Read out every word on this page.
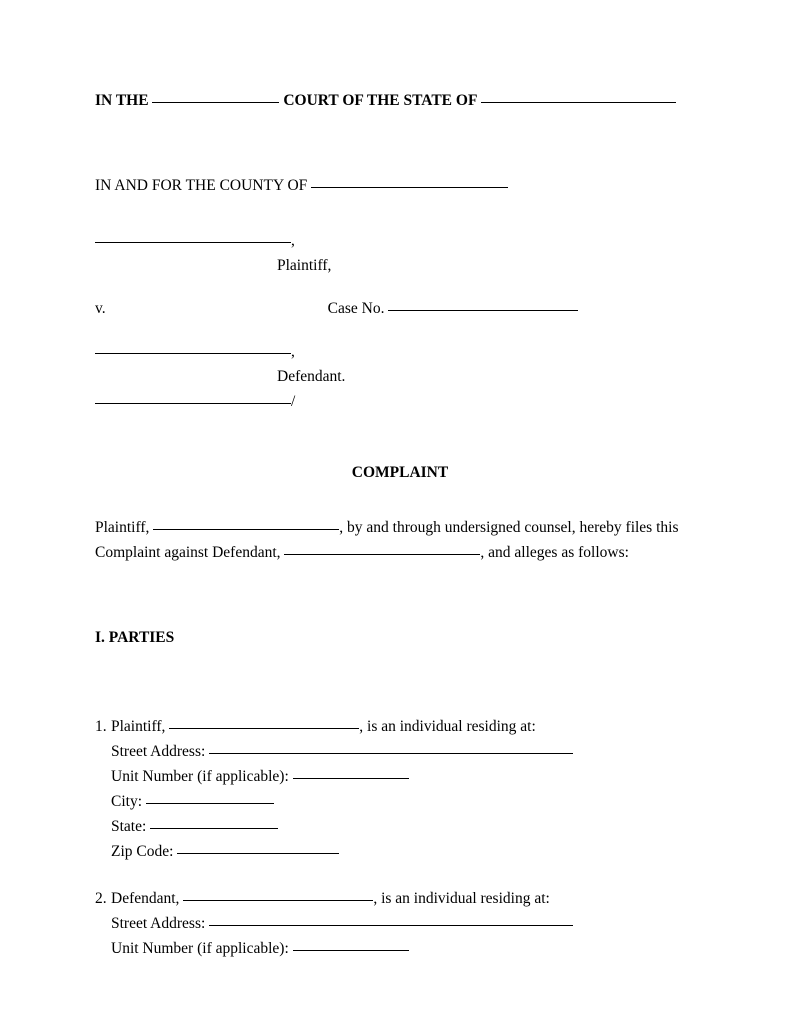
IN THE	COURT OF THE STATE OF
IN AND FOR THE COUNTY OF
,
Plaintiff,
v.	Case No.
,
Defendant.
/
COMPLAINT
Plaintiff,	, by and through undersigned counsel, hereby files this
Complaint against Defendant,	, and alleges as follows:
I. PARTIES
1. Plaintiff,	, is an individual residing at:
Street Address:
Unit Number (if applicable):
City:
State:
Zip Code:
2. Defendant,	, is an individual residing at:
Street Address:
Unit Number (if applicable):
